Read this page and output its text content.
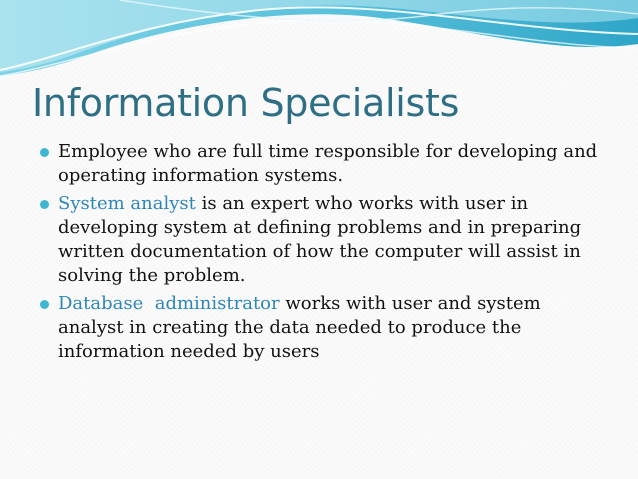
Information Specialists
Employee who are full time responsible for developing and operating information systems.
System analyst is an expert who works with user in developing system at defining problems and in preparing written documentation of how the computer will assist in solving the problem.
Database  administrator works with user and system analyst in creating the data needed to produce the information needed by users
